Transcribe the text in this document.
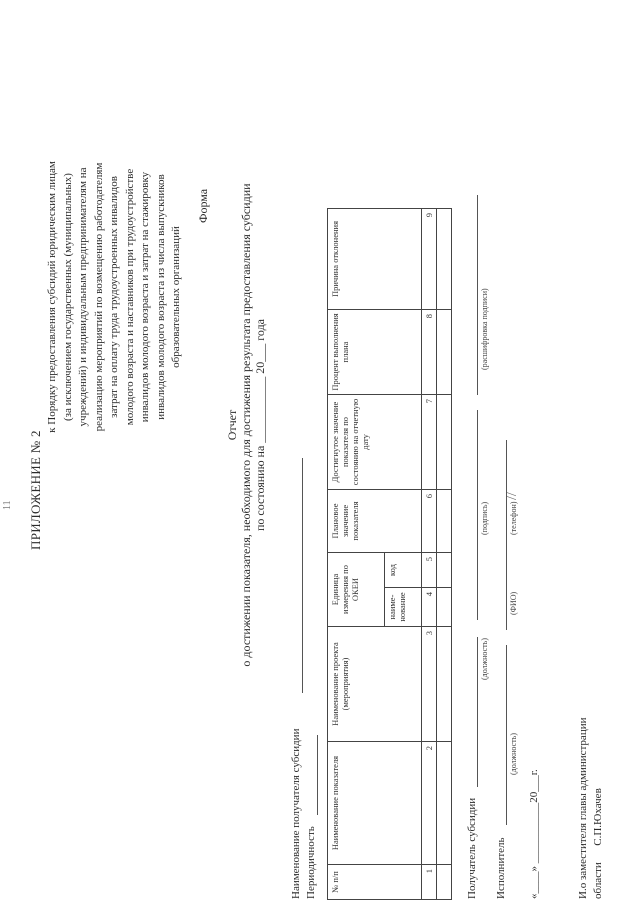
11 ПРИЛОЖЕНИЕ № 2
к Порядку предоставления субсидий юридическим лицам (за исключением государственных (муниципальных) учреждений) и индивидуальным предпринимателям на реализацию мероприятий по возмещению работодателям затрат на оплату труда трудоустроенных инвалидов молодого возраста и наставников при трудоустройстве инвалидов молодого возраста и затрат на стажировку инвалидов молодого возраста из числа выпускников образовательных организаций
Форма
Отчет о достижении показателя, необходимого для достижения результата предоставления субсидии по состоянию на ___________ 20___ года
Наименование получателя субсидии Периодичность № п/п	Наименование показателя	Наименование проекта (мероприятия)	Единица измерения по ОКЕИ		Плановое значение показателя	Достигнутое значение показателя по состоянию на отчетную дату	Процент выполнения плана	Причина отклонения
			наиме-нование	код				
1	2	3	4	5	6	7	8	9

Получатель субсидии
(должность)
(подпись)
(расшифровка подписи)
Исполнитель
(должность)
(ФИО)
(телефон)
//
«____» ___________20___г.	И.о заместителя главы администрации области      С.П.Юхачев
